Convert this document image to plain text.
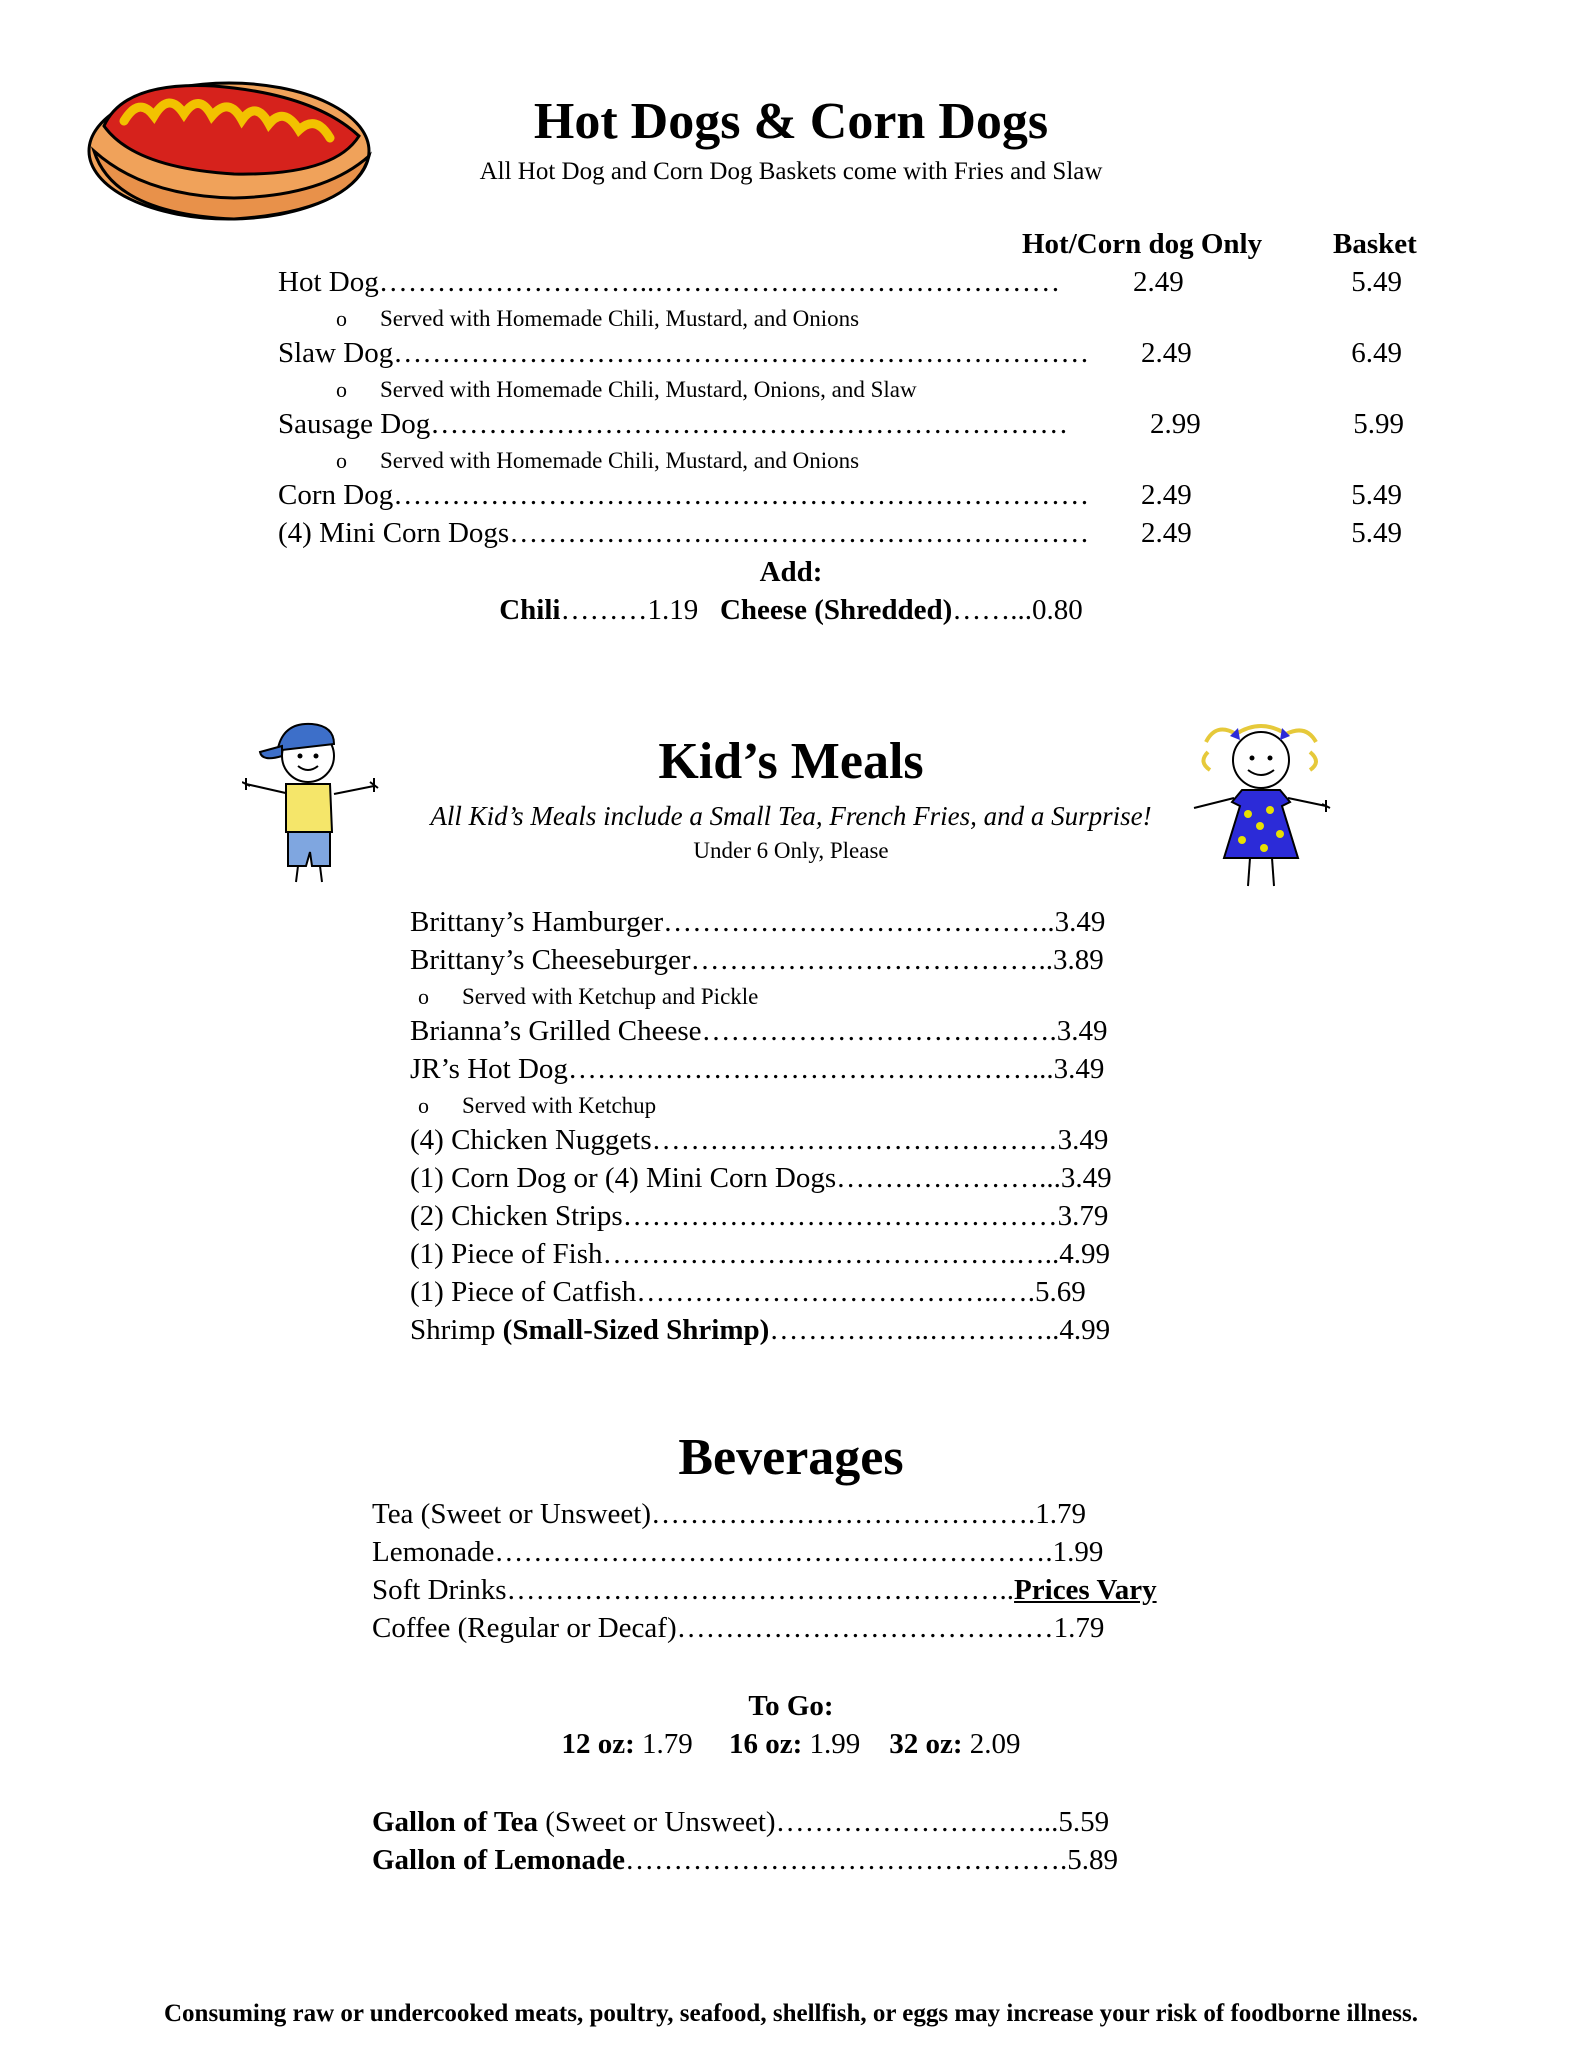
Hot Dogs & Corn Dogs
All Hot Dog and Corn Dog Baskets come with Fries and Slaw
Hot/Corn dog Only Basket
Hot Dog………………………..……………………………………	2.49	5.49
o Served with Homemade Chili, Mustard, and Onions
Slaw Dog……………………………………………………………… 2.49	6.49
o Served with Homemade Chili, Mustard, Onions, and Slaw
Sausage Dog…………………………………………………………	2.99	5.99
o Served with Homemade Chili, Mustard, and Onions
Corn Dog……………………………………………………………… 2.49	5.49
(4) Mini Corn Dogs…………………………………………………… 2.49	5.49
Add:
Chili………1.19 Cheese (Shredded)……...0.80
Kid’s Meals
All Kid’s Meals include a Small Tea, French Fries, and a Surprise!
Under 6 Only, Please
Brittany’s Hamburger…………………………………..3.49
Brittany’s Cheeseburger………………………………..3.89
o Served with Ketchup and Pickle
Brianna’s Grilled Cheese……………………………….3.49
JR’s Hot Dog…………………………………………...3.49
o Served with Ketchup
(4) Chicken Nuggets……………………………………3.49
(1) Corn Dog or (4) Mini Corn Dogs…………………...3.49
(2) Chicken Strips………………………………………3.79
(1) Piece of Fish…………………………………….…..4.99
(1) Piece of Catfish………………………………..….5.69
Shrimp (Small-Sized Shrimp)……………..…………..4.99
Beverages
Tea (Sweet or Unsweet)………………………………….1.79
Lemonade………………………………………………….1.99
Soft Drinks……………………………………………..Prices Vary
Coffee (Regular or Decaf)…………………………………1.79
To Go:
12 oz: 1.79 16 oz: 1.99 32 oz: 2.09
Gallon of Tea (Sweet or Unsweet)………………………...5.59
Gallon of Lemonade……………………………………….5.89
Consuming raw or undercooked meats, poultry, seafood, shellfish, or eggs may increase your risk of foodborne illness.
